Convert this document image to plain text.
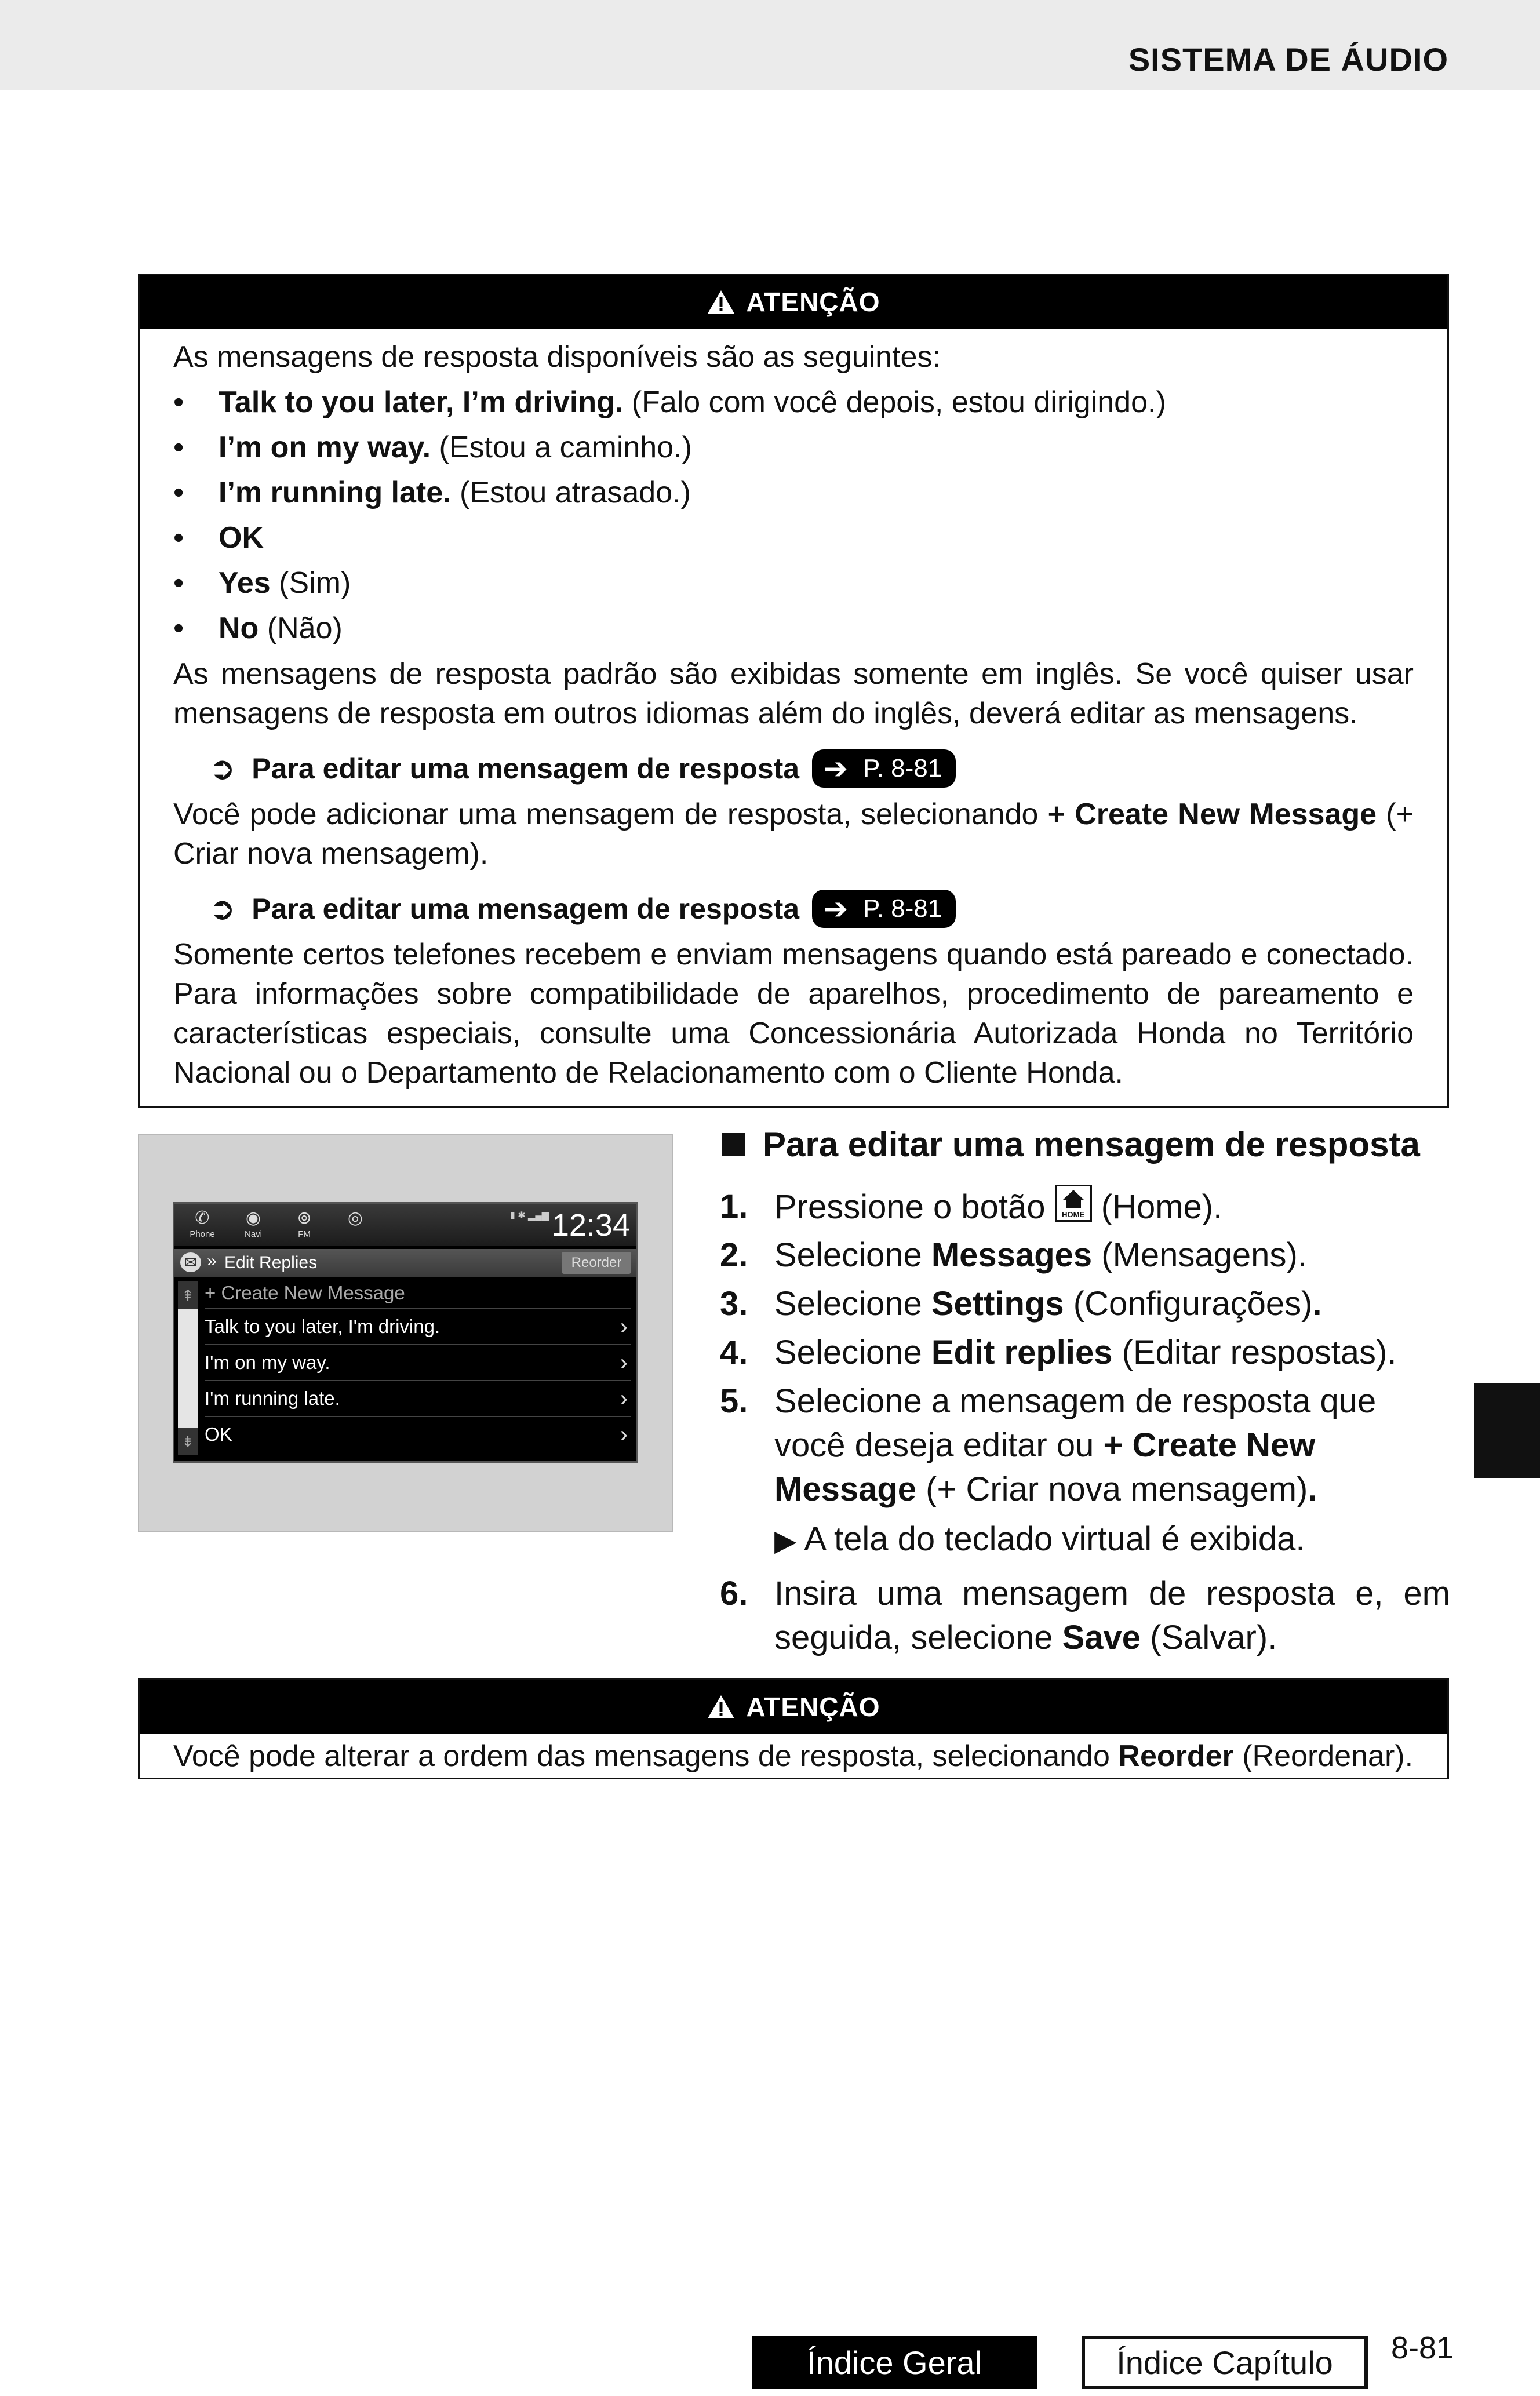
SISTEMA DE ÁUDIO
ATENÇÃO

As mensagens de resposta disponíveis são as seguintes:

• Talk to you later, I’m driving. (Falo com você depois, estou dirigindo.)
• I’m on my way. (Estou a caminho.)
• I’m running late. (Estou atrasado.)
• OK
• Yes (Sim)
• No (Não)

As mensagens de resposta padrão são exibidas somente em inglês. Se você quiser usar mensagens de resposta em outros idiomas além do inglês, deverá editar as mensagens.

➲ Para editar uma mensagem de resposta ➔ P. 8-81

Você pode adicionar uma mensagem de resposta, selecionando + Create New Message (+ Criar nova mensagem).

➲ Para editar uma mensagem de resposta ➔ P. 8-81

Somente certos telefones recebem e enviam mensagens quando está pareado e conectado. Para informações sobre compatibilidade de aparelhos, procedimento de pareamento e características especiais, consulte uma Concessionária Autorizada Honda no Território Nacional ou o Departamento de Relacionamento com o Cliente Honda.

✆
Phone
◉
Navi
⊚
FM
◎	▮ ✱ ▂▄▆ 12:34
✉ » Edit Replies	Reorder
⇞
⇟
+ Create New Message
Talk to you later, I'm driving.	›
I'm on my way.	›
I'm running late.	›
OK	›
Para editar uma mensagem de resposta
1. Pressione o botão HOME (Home).
2. Selecione Messages (Mensagens).
3. Selecione Settings (Configurações).
4. Selecione Edit replies (Editar respostas).
5. Selecione a mensagem de resposta que você deseja editar ou + Create New Message (+ Criar nova mensagem).
▶ A tela do teclado virtual é exibida.
6. Insira uma mensagem de resposta e, em seguida, selecione Save (Salvar).
ATENÇÃO

Você pode alterar a ordem das mensagens de resposta, selecionando Reorder (Reordenar).

Índice Geral	Índice Capítulo	8-81
